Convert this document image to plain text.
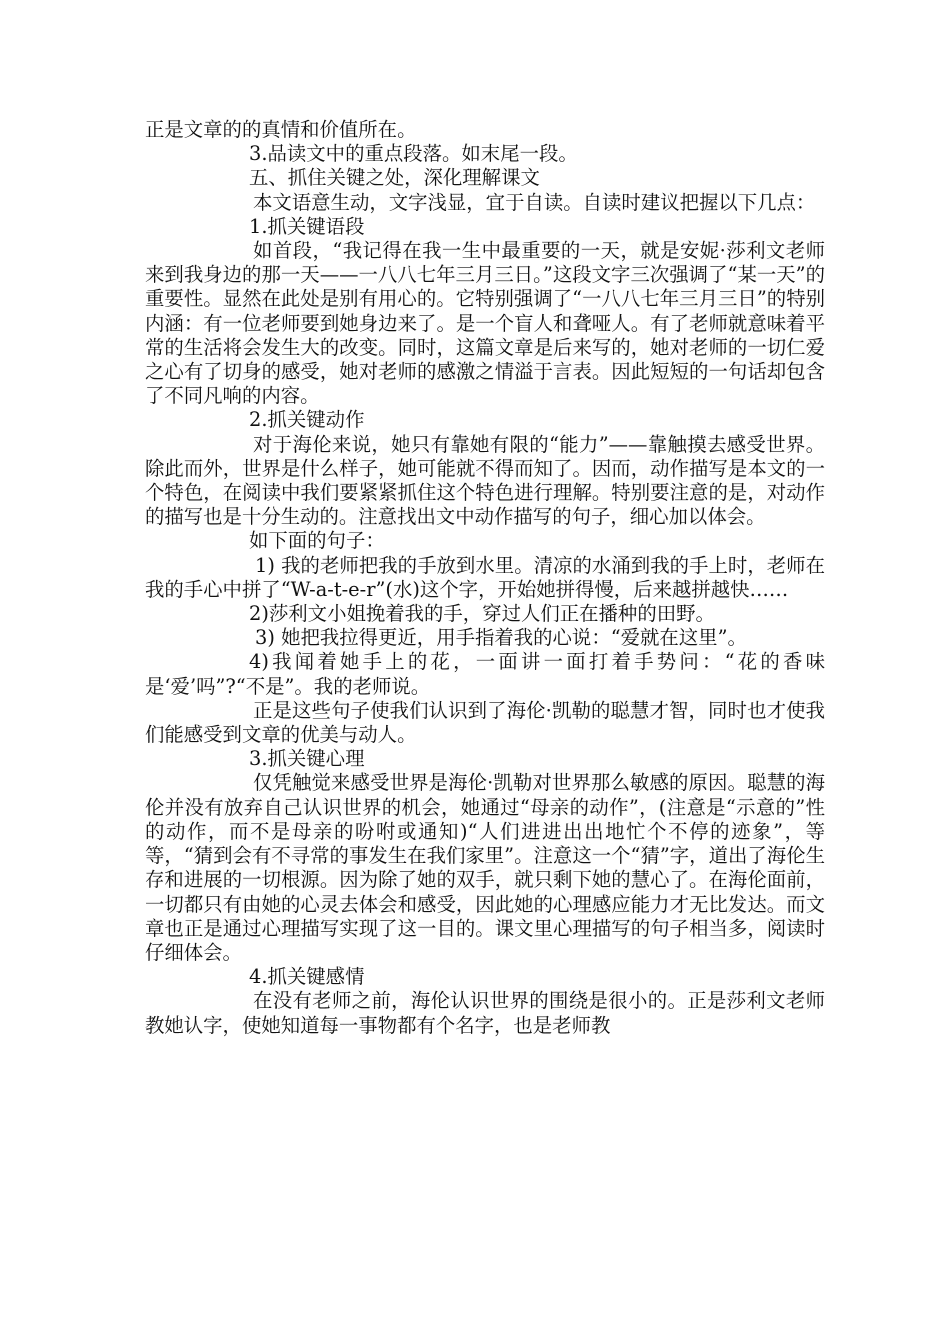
正是文章的的真情和价值所在。

3.品读文中的重点段落。如末尾一段。

五、抓住关键之处，深化理解课文

本文语意生动，文字浅显，宜于自读。自读时建议把握以下几点：

1.抓关键语段

如首段，“我记得在我一生中最重要的一天，就是安妮·莎利文老师来到我身边的那一天——一八八七年三月三日。”这段文字三次强调了“某一天”的重要性。显然在此处是别有用心的。它特别强调了“一八八七年三月三日”的特别内涵：有一位老师要到她身边来了。是一个盲人和聋哑人。有了老师就意味着平常的生活将会发生大的改变。同时，这篇文章是后来写的，她对老师的一切仁爱之心有了切身的感受，她对老师的感激之情溢于言表。因此短短的一句话却包含了不同凡响的内容。

2.抓关键动作

对于海伦来说，她只有靠她有限的“能力”——靠触摸去感受世界。除此而外，世界是什么样子，她可能就不得而知了。因而，动作描写是本文的一个特色，在阅读中我们要紧紧抓住这个特色进行理解。特别要注意的是，对动作的描写也是十分生动的。注意找出文中动作描写的句子，细心加以体会。

如下面的句子：

1) 我的老师把我的手放到水里。清凉的水涌到我的手上时，老师在我的手心中拼了“W-a-t-e-r”(水)这个字，开始她拼得慢，后来越拼越快……

2)莎利文小姐挽着我的手，穿过人们正在播种的田野。

3) 她把我拉得更近，用手指着我的心说：“爱就在这里”。

4)我闻着她手上的花，一面讲一面打着手势问：“花的香味是‘爱’吗”?“不是”。我的老师说。

正是这些句子使我们认识到了海伦·凯勒的聪慧才智，同时也才使我们能感受到文章的优美与动人。

3.抓关键心理

仅凭触觉来感受世界是海伦·凯勒对世界那么敏感的原因。聪慧的海伦并没有放弃自己认识世界的机会，她通过“母亲的动作”，(注意是“示意的”性的动作，而不是母亲的吩咐或通知)“人们进进出出地忙个不停的迹象”，等等，“猜到会有不寻常的事发生在我们家里”。注意这一个“猜”字，道出了海伦生存和进展的一切根源。因为除了她的双手，就只剩下她的慧心了。在海伦面前，一切都只有由她的心灵去体会和感受，因此她的心理感应能力才无比发达。而文章也正是通过心理描写实现了这一目的。课文里心理描写的句子相当多，阅读时仔细体会。

4.抓关键感情

在没有老师之前，海伦认识世界的围绕是很小的。正是莎利文老师教她认字，使她知道每一事物都有个名字，也是老师教
